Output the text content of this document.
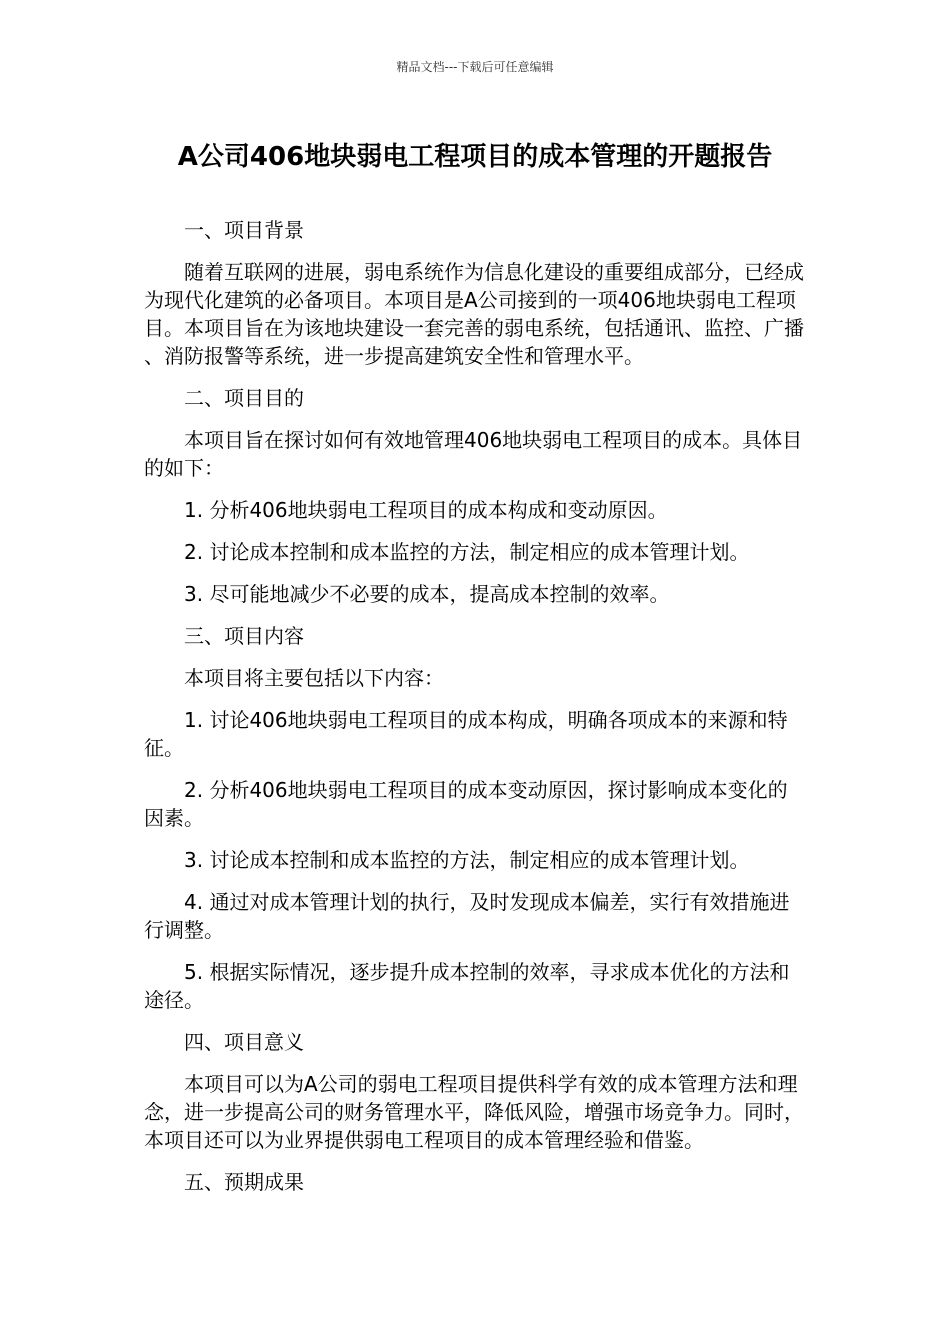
精品文档---下载后可任意编辑
A公司406地块弱电工程项目的成本管理的开题报告

一、项目背景

随着互联网的进展，弱电系统作为信息化建设的重要组成部分，已经成为现代化建筑的必备项目。本项目是A公司接到的一项406地块弱电工程项目。本项目旨在为该地块建设一套完善的弱电系统，包括通讯、监控、广播、消防报警等系统，进一步提高建筑安全性和管理水平。

二、项目目的

本项目旨在探讨如何有效地管理406地块弱电工程项目的成本。具体目的如下：

1. 分析406地块弱电工程项目的成本构成和变动原因。

2. 讨论成本控制和成本监控的方法，制定相应的成本管理计划。

3. 尽可能地减少不必要的成本，提高成本控制的效率。

三、项目内容

本项目将主要包括以下内容：

1. 讨论406地块弱电工程项目的成本构成，明确各项成本的来源和特征。

2. 分析406地块弱电工程项目的成本变动原因，探讨影响成本变化的因素。

3. 讨论成本控制和成本监控的方法，制定相应的成本管理计划。

4. 通过对成本管理计划的执行，及时发现成本偏差，实行有效措施进行调整。

5. 根据实际情况，逐步提升成本控制的效率，寻求成本优化的方法和途径。

四、项目意义

本项目可以为A公司的弱电工程项目提供科学有效的成本管理方法和理念，进一步提高公司的财务管理水平，降低风险，增强市场竞争力。同时，本项目还可以为业界提供弱电工程项目的成本管理经验和借鉴。

五、预期成果
